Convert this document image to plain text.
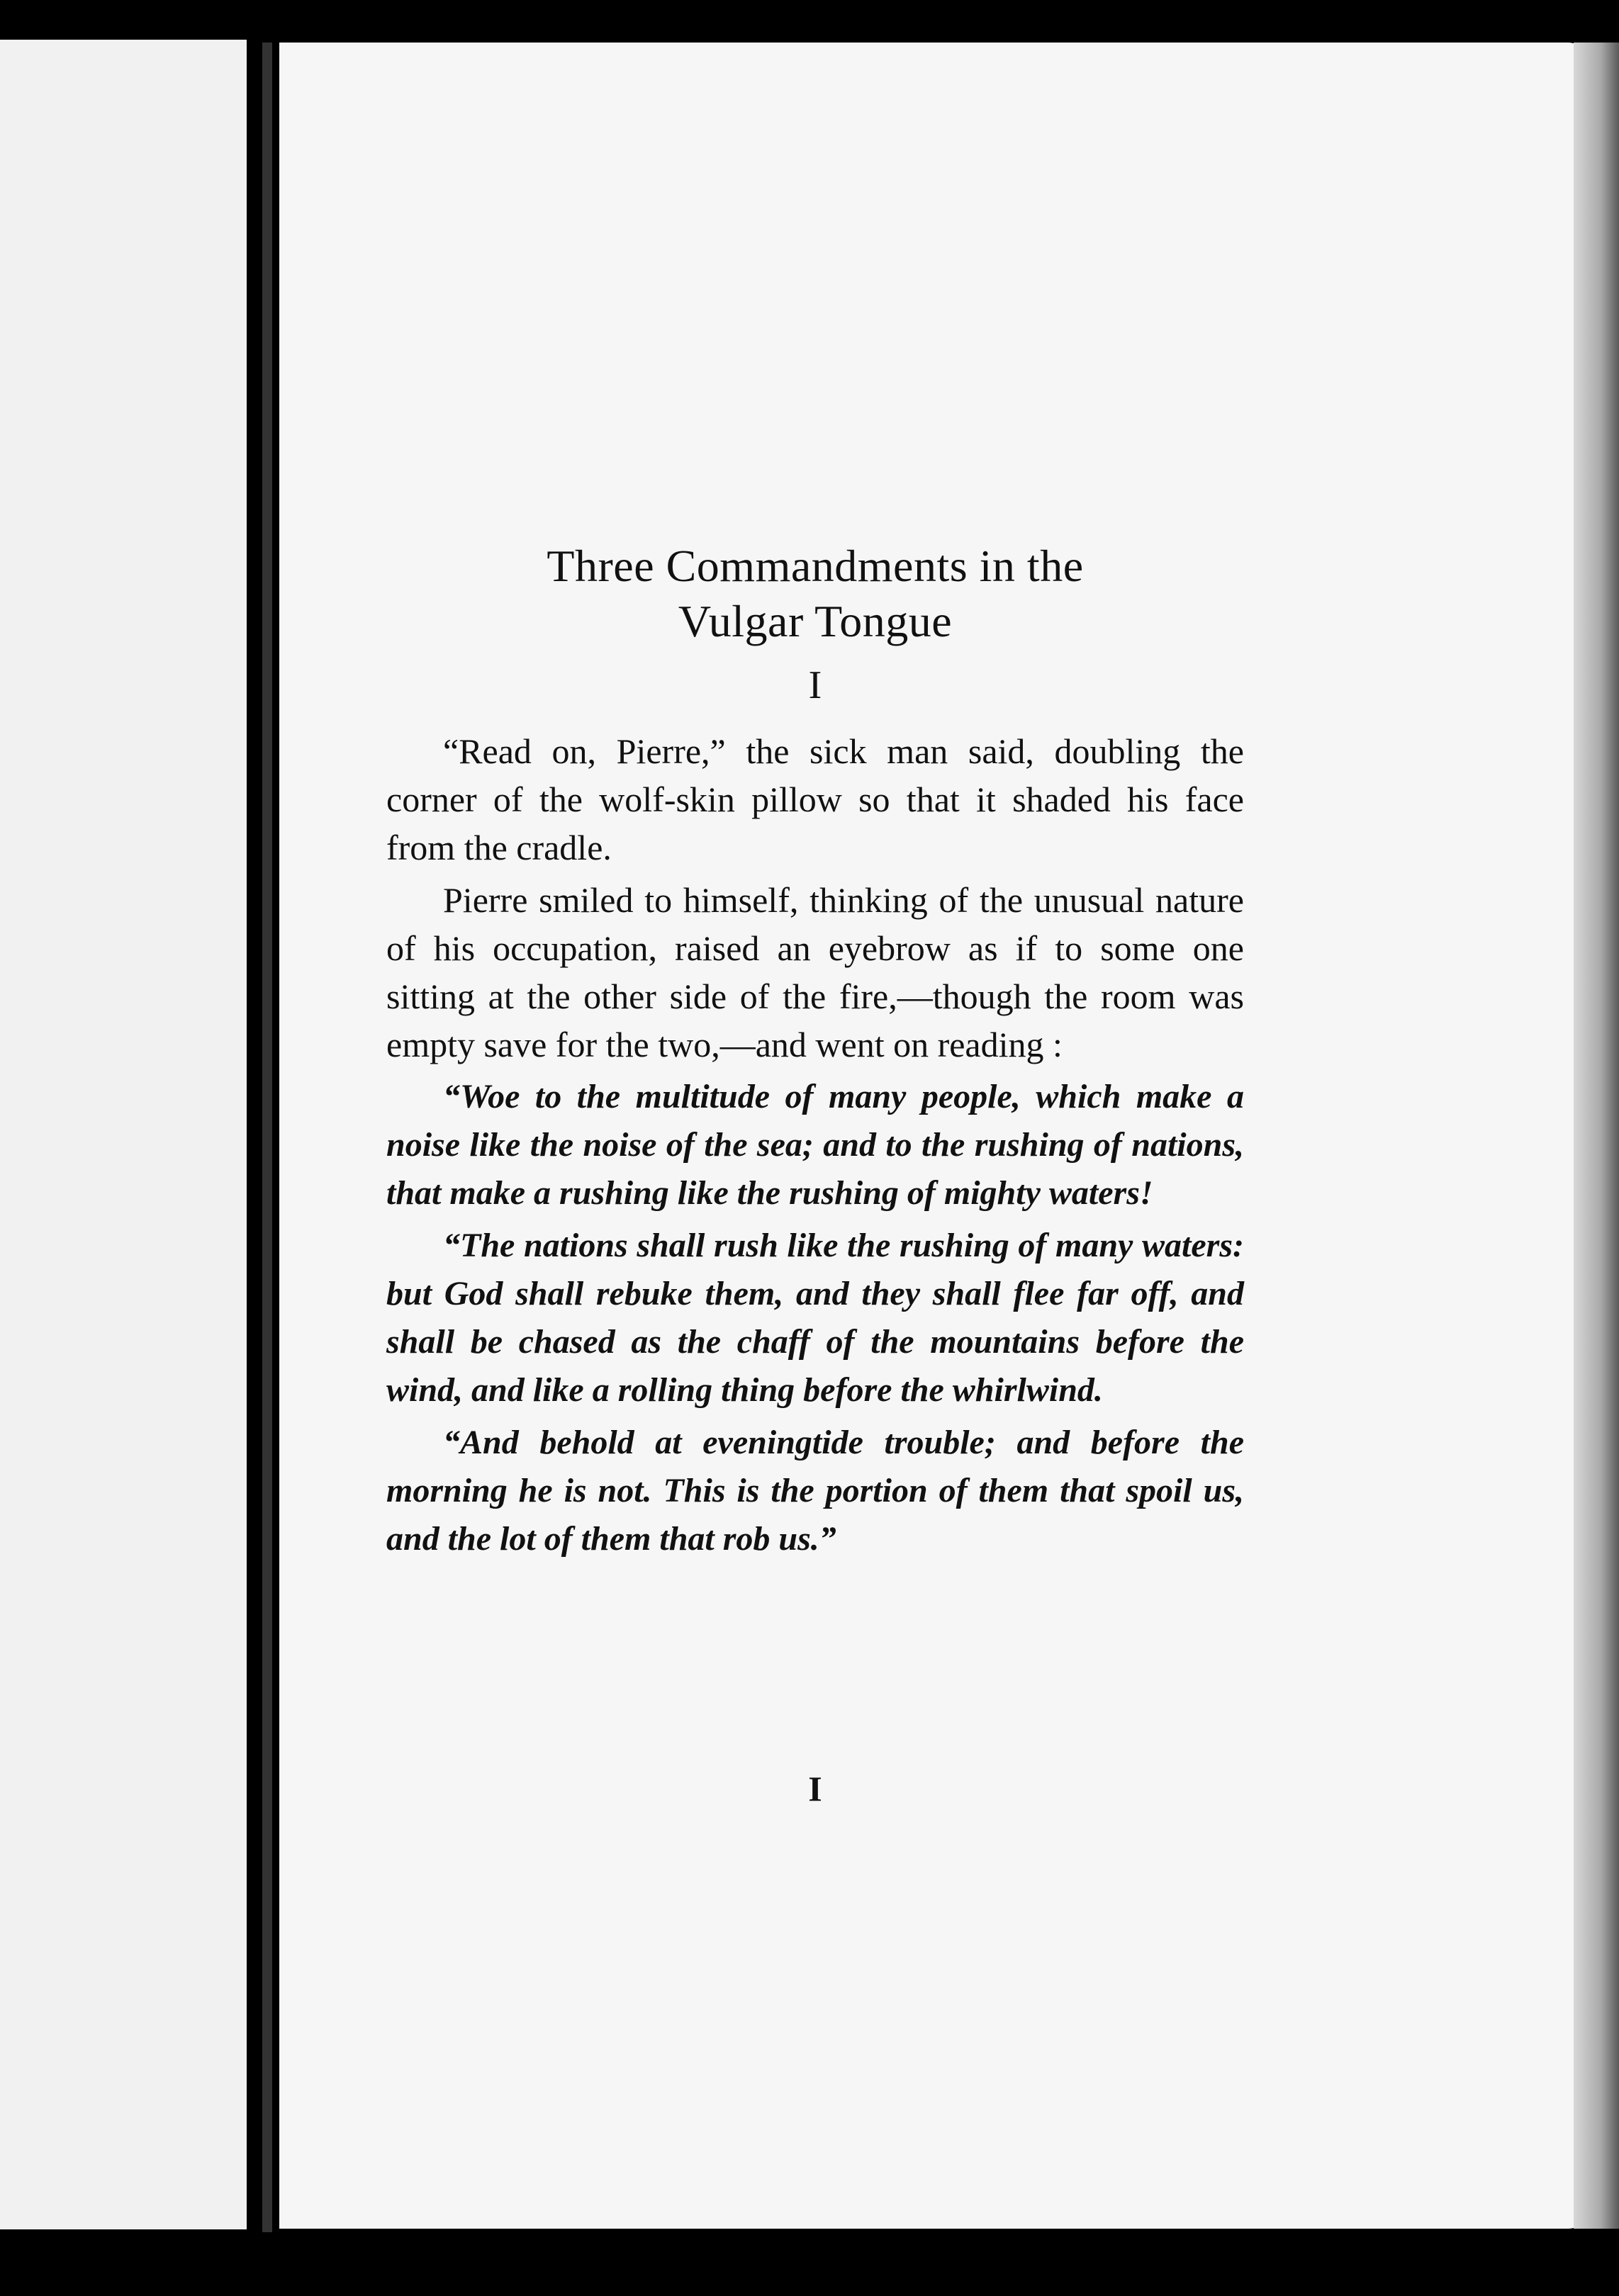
Three Commandments in the
Vulgar Tongue
I

“Read on, Pierre,” the sick man said, doubling the corner of the wolf-skin pillow so that it shaded his face from the cradle.

Pierre smiled to himself, thinking of the unusual nature of his occupation, raised an eyebrow as if to some one sitting at the other side of the fire,—though the room was empty save for the two,—and went on reading :

“Woe to the multitude of many people, which make a noise like the noise of the sea; and to the rushing of nations, that make a rushing like the rushing of mighty waters!

“The nations shall rush like the rushing of many waters: but God shall rebuke them, and they shall flee far off, and shall be chased as the chaff of the mountains before the wind, and like a rolling thing before the whirlwind.

“And behold at eveningtide trouble; and before the morning he is not. This is the portion of them that spoil us, and the lot of them that rob us.”

I
